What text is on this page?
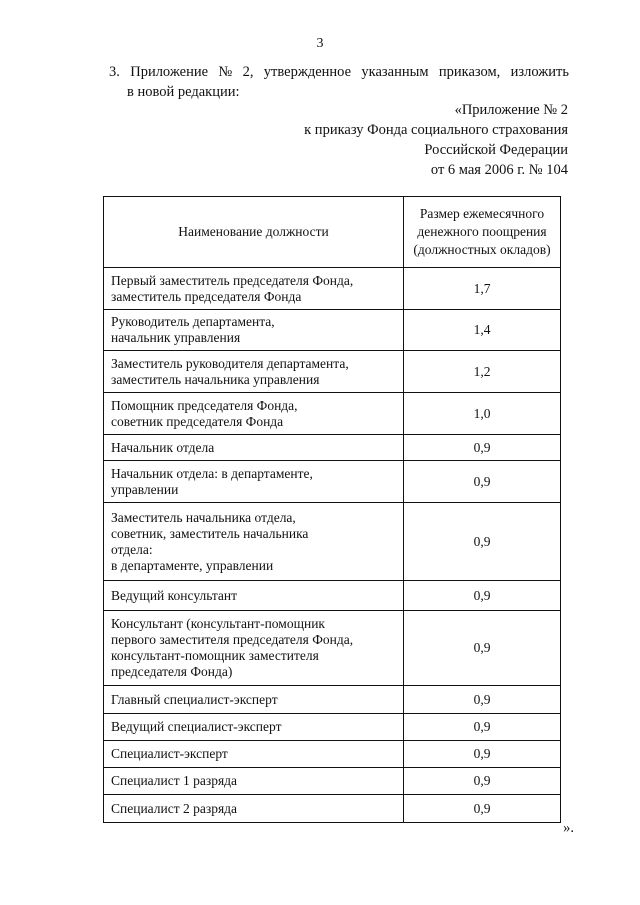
3
3. Приложение № 2, утвержденное указанным приказом, изложить
в новой редакции:
«Приложение № 2
к приказу Фонда социального страхования
Российской Федерации
от 6 мая 2006 г. № 104
Наименование должности	Размер ежемесячного
денежного поощрения
(должностных окладов)

Первый заместитель председателя Фонда,
заместитель председателя Фонда	1,7

Руководитель департамента,
начальник управления	1,4

Заместитель руководителя департамента,
заместитель начальника управления	1,2

Помощник председателя Фонда,
советник председателя Фонда	1,0

Начальник отдела	0,9

Начальник отдела: в департаменте,
управлении	0,9

Заместитель начальника отдела,
советник, заместитель начальника
отдела:
в департаменте, управлении	0,9

Ведущий консультант	0,9

Консультант (консультант-помощник
первого заместителя председателя Фонда,
консультант-помощник заместителя
председателя Фонда)	0,9

Главный специалист-эксперт	0,9

Ведущий специалист-эксперт	0,9

Специалист-эксперт	0,9

Специалист 1 разряда	0,9

Специалист 2 разряда	0,9
».
